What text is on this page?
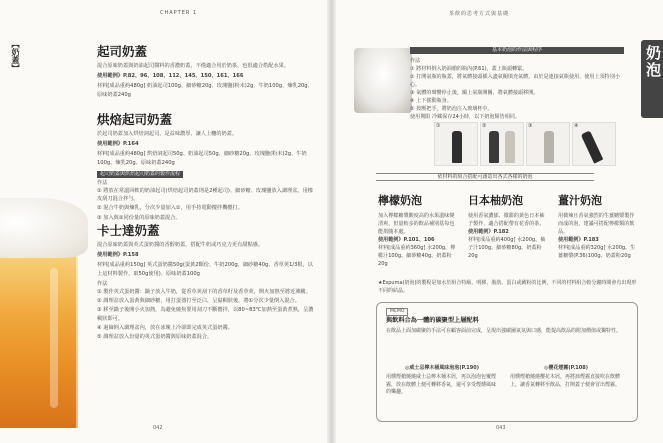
CHAPTER 1
【奶蓋】	起司奶蓋
混合原味奶蓋與奶油起司醬料的香濃奶蓋，不僅適合用於奶茶，也很適合搭配水果。
使用範例》P.82、96、108、112、145、150、161、166
材料[成品重約480g] 奶油起司100g、細砂糖20g、玫瑰鹽(粉末)2g、牛奶100g、煉乳20g、原味奶蓋240g
烘焙起司奶蓋
於起司奶蓋加入烘焙詞起司，是益味濃厚，讓人上癮的奶蓋。
使用範例》P.164
材料[成品重約480g] 烘焙詞起司50g、奶油起司50g、細砂糖20g、玫瑰鹽(粉末)2g、牛奶100g、煉乳20g、原味奶蓋240g
起司奶蓋與烘焙起司奶蓋的製作流程
作法
① 將放在常溫回軟的奶油起司(烘焙起司奶蓋則是2種起司)、細砂糖、玫瑰鹽放入調理盆，用橡皮刮刀混合拌勻。
② 混合牛奶與煉乳，分次少量加入①，用手持電動攪拌機攪打。
③ 加入與②同份量的原味奶蓋混合。
卡士達奶蓋
混合原味奶蓋與英式蛋奶醬的香醇奶蓋，搭配牛奶或巧克力更有甜點感。
使用範例》P.158
材料[成品重約150g] 英式蛋奶醬50g(蛋黃2顆份、牛奶200g、細砂糖40g、香草莢1/3根，以上這材料製作，取50g使用)、原味奶蓋100g
作法
① 製作英式蛋奶醬：鍋子放入牛奶，從香草莢刮下的香草籽及香草莢，開火加熱至將近沸騰。
② 調理盆放入蛋黃與細砂糖，用打蛋器打至泛白，呈黏稠狀後，將①分次少量倒入混合。
③ 移至鍋子後開小火加熱，為避免燒焦要用刮刀不斷攪拌，以80~83℃加熱至蛋黃煮熟，呈濃稠狀即可。
④ 過篩倒入調理盆內，放在冰塊上冷卻即完成英式蛋奶醬。
⑤ 調理盆放入份量的英式蛋奶醬與原味奶蓋混合。
042
茶飲的思考方式與基礎
奶泡
基本奶泡的作法與程序
作法
① 將材料倒入奶油槍的瓶內(P.61)，蓋上瓶頭轉緊。
② 打開氣瓶的瓶蓋，將氣體接頭插入盡氣閥填充氣體，由於是連接氣瓶使用，使用上須特別小心。
③ 氣體的聲響停止後，關上氣瓶開關，將氣體接頭移開。
④ 上下搖動瓶身。
⑤ 按壓把手，將奶泡注入玻璃杯中。
使用期限 冷藏保存24小時，以下奶泡類皆相同。
①	②	③	④
依材料的組合搭配可創造出各式各樣的奶泡
檸檬奶泡
加入檸檬糖漿酸度高的水果溫味變清爽，但量較多的飲品補別基每也能墨隨本處。
使用範例》P.101、106
材料[成品重約360g] 水200g、檸檬汁100g、細砂糖40g、奶蓋粉20g
日本柚奶泡
使用香氣濃郁、微甜的黃色日本柚子製作，適合搭配帶有花香的茶。
使用範例》P.182
材料[成品重約400g] 水200g、柚子汁100g、細砂糖80g、奶蓋粉20g
薑汁奶泡
用微辣且香氣強烈的生薑糖漿製作而成的泡，建議可搭配檸檬類的飲品。
使用範例》P.183
材料[成品重約320g] 水200g、生薑糖漿(P.36)100g、奶蓋粉20g
★Espuma(奶泡)的製程是加水於組合特級、明膠、脂肪、蛋白或澱粉的比例，不同的材料組合較分鐘時間會有出現形不同的結晶。
MEMO
與飲料合為一體的碳聚型上層配料
在飲品上面加碳聚的手法可在顧客面前完成，呈現出強碳圖氣氛與口感，能提高飲品的附加價值或獨特性。
◎威士忌檸木桶風味泡泡(P.190)
用燻煙槍燒燒威士忌檸木桶木屑，再以泡泡包覆煙霧，放在飲體上便可轉移香氣，還可享受煙燻風味的樂趣。
◎櫻花煙霧(P.108)
用燻煙槍燒燒櫻花木屑，再將該煙霧直接吹在飲體上，讓香氣轉移至飲品，打開蓋子便會冒出煙霧。
043
